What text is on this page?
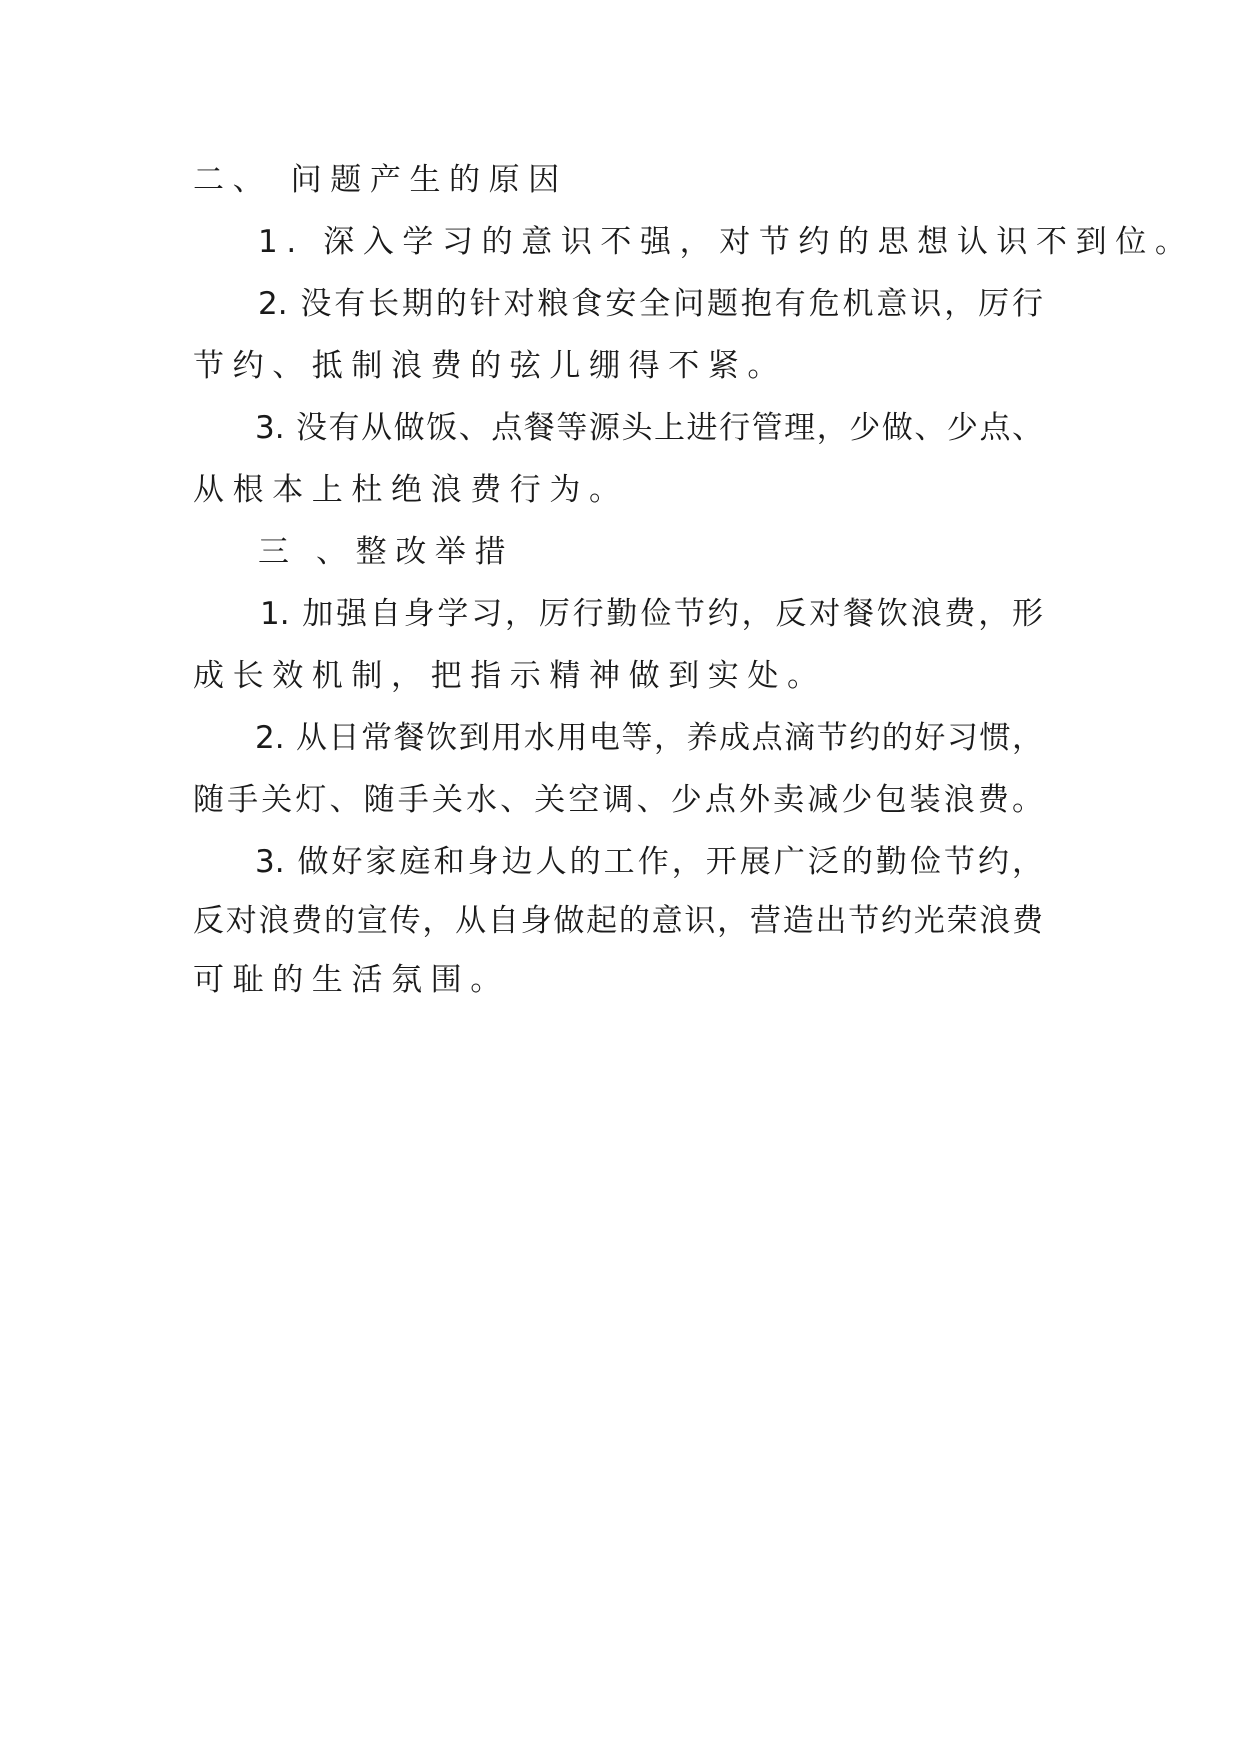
二、 问题产生的原因
1. 深入学习的意识不强，对节约的思想认识不到位。
2. 没有长期的针对粮食安全问题抱有危机意识，厉行
节约、抵制浪费的弦儿绷得不紧。
3. 没有从做饭、点餐等源头上进行管理，少做、少点、
从根本上杜绝浪费行为。
三 、整改举措
1. 加强自身学习，厉行勤俭节约，反对餐饮浪费，形
成长效机制，把指示精神做到实处。
2. 从日常餐饮到用水用电等，养成点滴节约的好习惯，
随手关灯、随手关水、关空调、少点外卖减少包装浪费。
3. 做好家庭和身边人的工作，开展广泛的勤俭节约，
反对浪费的宣传，从自身做起的意识，营造出节约光荣浪费
可耻的生活氛围。
